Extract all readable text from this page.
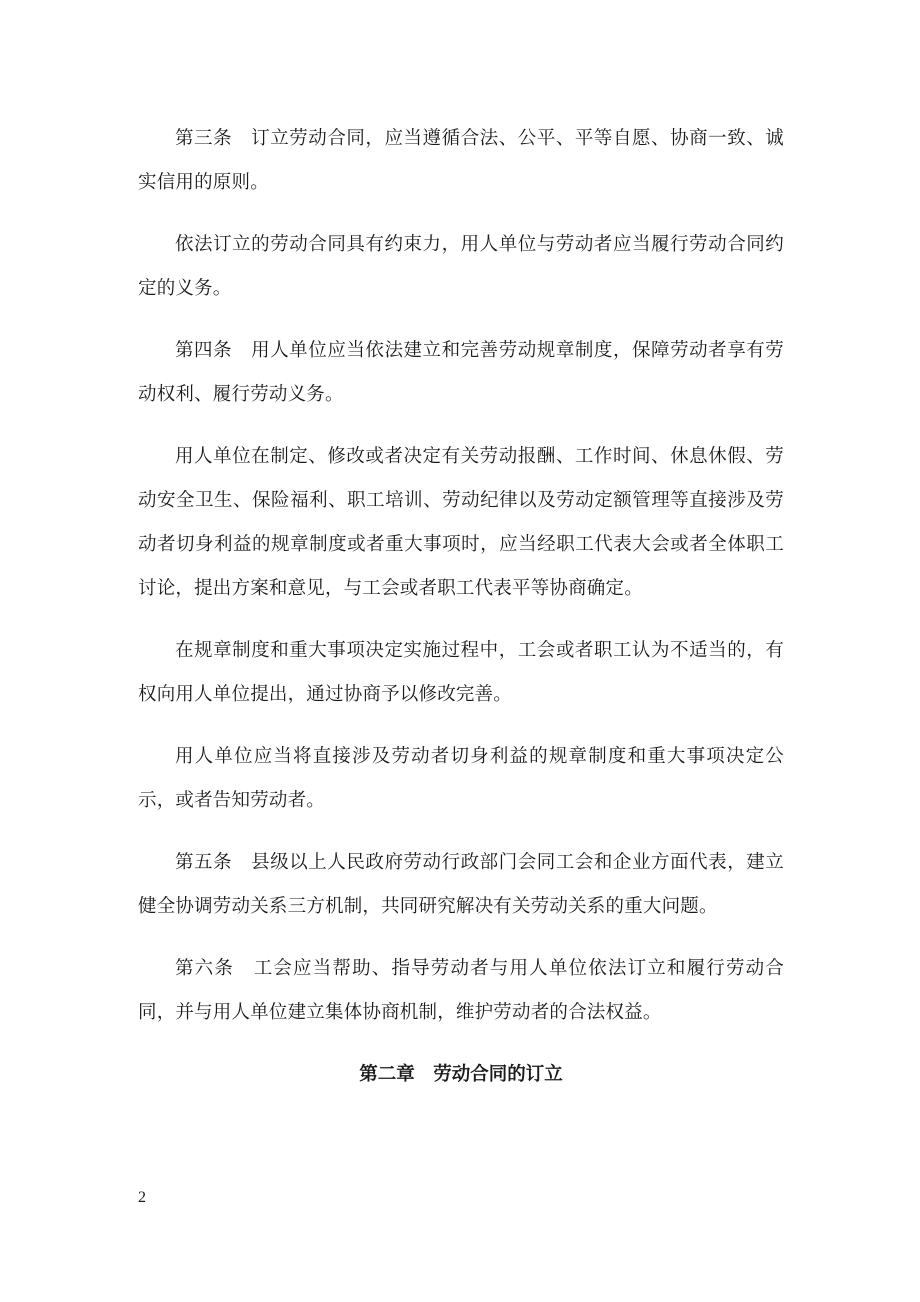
第三条　订立劳动合同，应当遵循合法、公平、平等自愿、协商一致、诚实信用的原则。

依法订立的劳动合同具有约束力，用人单位与劳动者应当履行劳动合同约定的义务。

第四条　用人单位应当依法建立和完善劳动规章制度，保障劳动者享有劳动权利、履行劳动义务。

用人单位在制定、修改或者决定有关劳动报酬、工作时间、休息休假、劳动安全卫生、保险福利、职工培训、劳动纪律以及劳动定额管理等直接涉及劳动者切身利益的规章制度或者重大事项时，应当经职工代表大会或者全体职工讨论，提出方案和意见，与工会或者职工代表平等协商确定。

在规章制度和重大事项决定实施过程中，工会或者职工认为不适当的，有权向用人单位提出，通过协商予以修改完善。

用人单位应当将直接涉及劳动者切身利益的规章制度和重大事项决定公示，或者告知劳动者。

第五条　县级以上人民政府劳动行政部门会同工会和企业方面代表，建立健全协调劳动关系三方机制，共同研究解决有关劳动关系的重大问题。

第六条　工会应当帮助、指导劳动者与用人单位依法订立和履行劳动合同，并与用人单位建立集体协商机制，维护劳动者的合法权益。

第二章　劳动合同的订立
2
